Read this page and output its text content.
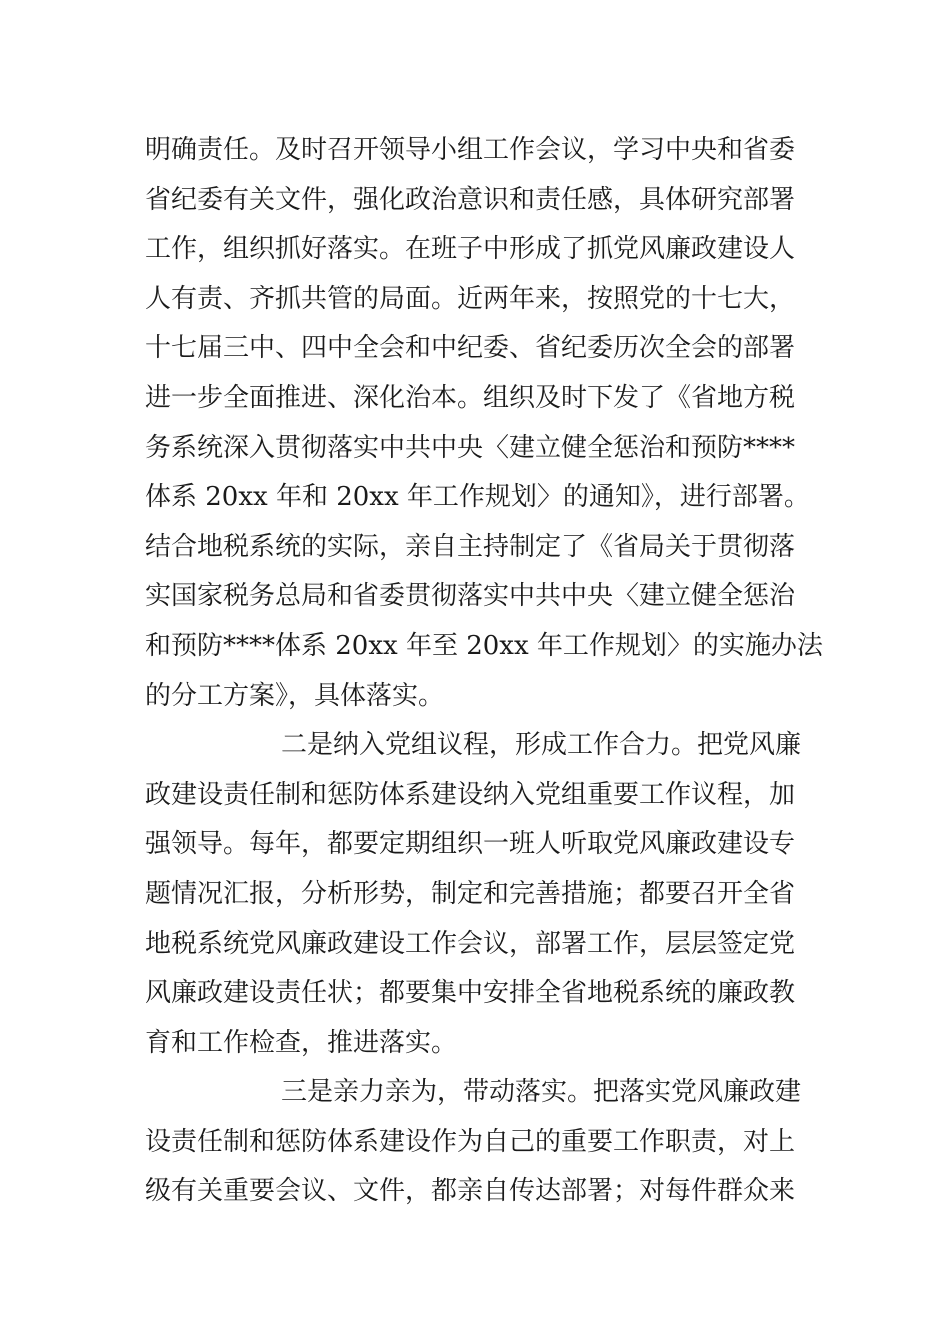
明确责任。及时召开领导小组工作会议，学习中央和省委
省纪委有关文件，强化政治意识和责任感，具体研究部署
工作，组织抓好落实。在班子中形成了抓党风廉政建设人
人有责、齐抓共管的局面。近两年来，按照党的十七大，
十七届三中、四中全会和中纪委、省纪委历次全会的部署
进一步全面推进、深化治本。组织及时下发了《省地方税
务系统深入贯彻落实中共中央〈建立健全惩治和预防****
体系 20xx 年和 20xx 年工作规划〉的通知》，进行部署。
结合地税系统的实际，亲自主持制定了《省局关于贯彻落
实国家税务总局和省委贯彻落实中共中央〈建立健全惩治
和预防****体系 20xx 年至 20xx 年工作规划〉的实施办法
的分工方案》，具体落实。
二是纳入党组议程，形成工作合力。把党风廉
政建设责任制和惩防体系建设纳入党组重要工作议程，加
强领导。每年，都要定期组织一班人听取党风廉政建设专
题情况汇报，分析形势，制定和完善措施；都要召开全省
地税系统党风廉政建设工作会议，部署工作，层层签定党
风廉政建设责任状；都要集中安排全省地税系统的廉政教
育和工作检查，推进落实。
三是亲力亲为，带动落实。把落实党风廉政建
设责任制和惩防体系建设作为自己的重要工作职责，对上
级有关重要会议、文件，都亲自传达部署；对每件群众来
